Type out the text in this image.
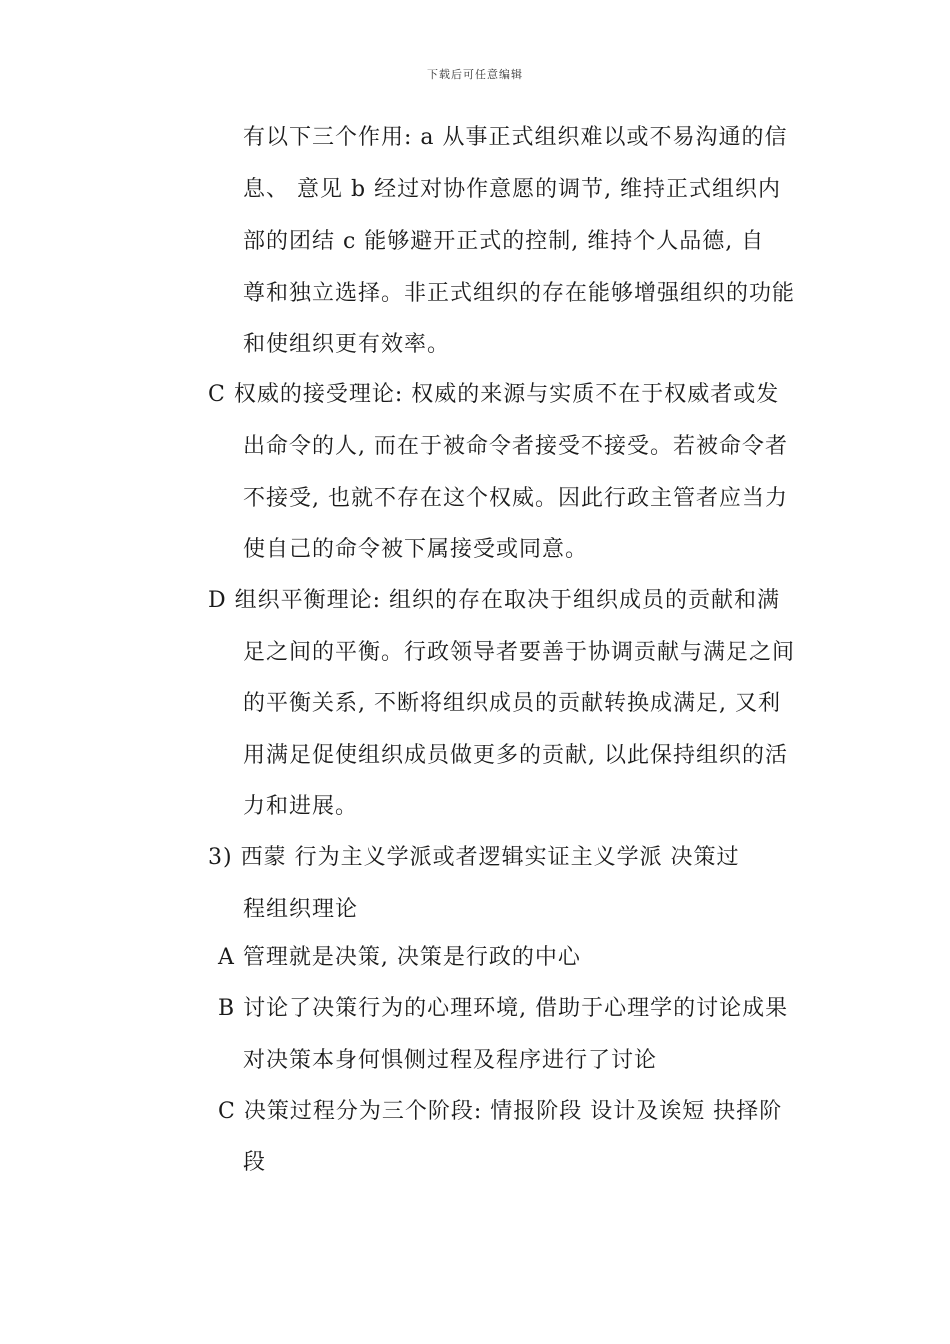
下载后可任意编辑
有以下三个作用: a 从事正式组织难以或不易沟通的信
息、 意见 b 经过对协作意愿的调节, 维持正式组织内
部的团结 c 能够避开正式的控制, 维持个人品德, 自
尊和独立选择。非正式组织的存在能够增强组织的功能
和使组织更有效率。
C 权威的接受理论: 权威的来源与实质不在于权威者或发
出命令的人, 而在于被命令者接受不接受。若被命令者
不接受, 也就不存在这个权威。因此行政主管者应当力
使自己的命令被下属接受或同意。
D 组织平衡理论: 组织的存在取决于组织成员的贡献和满
足之间的平衡。行政领导者要善于协调贡献与满足之间
的平衡关系, 不断将组织成员的贡献转换成满足, 又利
用满足促使组织成员做更多的贡献, 以此保持组织的活
力和进展。
3) 西蒙 行为主义学派或者逻辑实证主义学派 决策过
程组织理论
A 管理就是决策, 决策是行政的中心
B 讨论了决策行为的心理环境, 借助于心理学的讨论成果
对决策本身何惧侧过程及程序进行了讨论
C 决策过程分为三个阶段: 情报阶段 设计及诶短 抉择阶
段
